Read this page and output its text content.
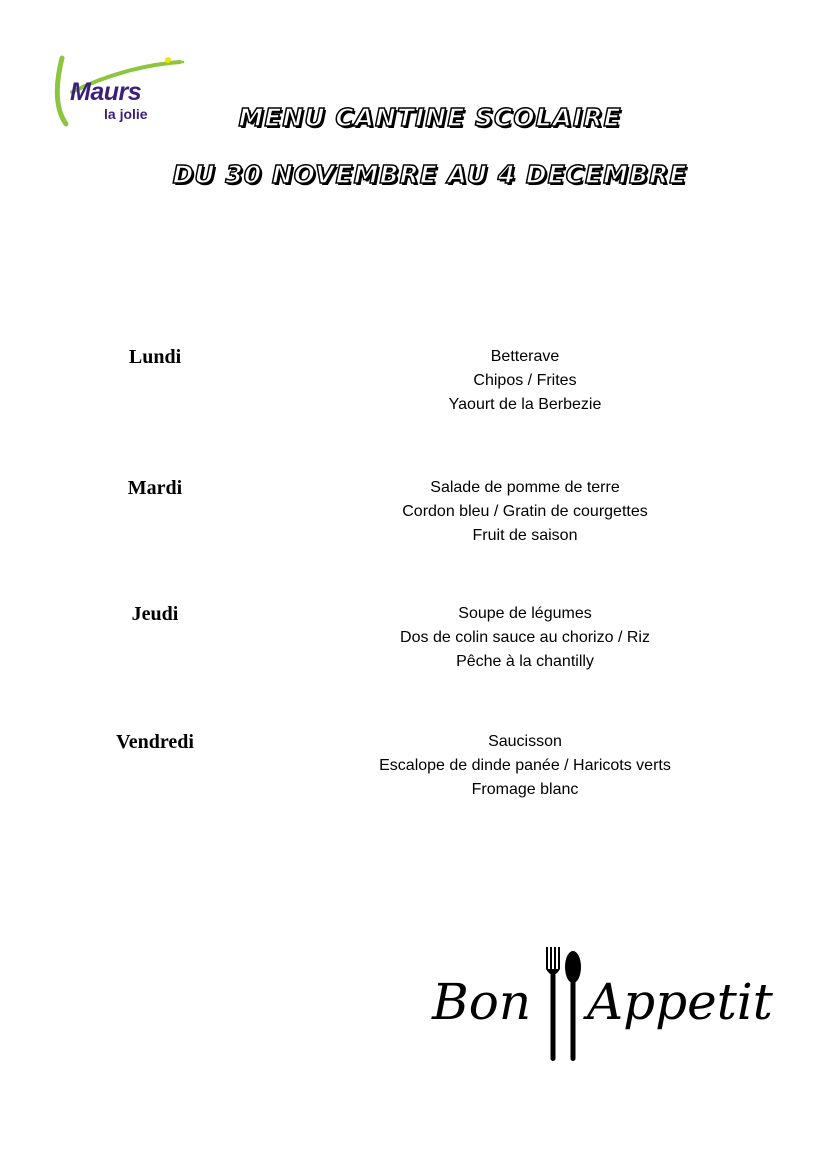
Maurs
la jolie	MENU CANTINE SCOLAIRE
DU 30 NOVEMBRE AU 4 DECEMBRE
Lundi	Betterave
Chipos / Frites
Yaourt de la Berbezie
Mardi	Salade de pomme de terre
Cordon bleu / Gratin de courgettes
Fruit de saison
Jeudi	Soupe de légumes
Dos de colin sauce au chorizo / Riz
Pêche à la chantilly
Vendredi	Saucisson
Escalope de dinde panée / Haricots verts
Fromage blanc
Bon Appetit
